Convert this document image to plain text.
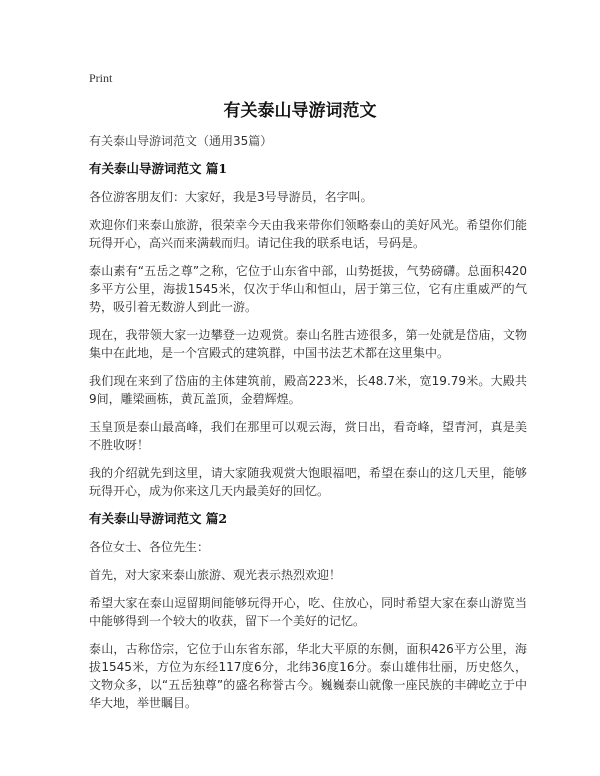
Print
有关泰山导游词范文

有关泰山导游词范文（通用35篇）

有关泰山导游词范文 篇1

各位游客朋友们：大家好，我是3号导游员，名字叫。

欢迎你们来泰山旅游，很荣幸今天由我来带你们领略泰山的美好风光。希望你们能玩得开心，高兴而来满载而归。请记住我的联系电话，号码是。

泰山素有“五岳之尊”之称，它位于山东省中部，山势挺拔，气势磅礴。总面积420多平方公里，海拔1545米，仅次于华山和恒山，居于第三位，它有庄重威严的气势，吸引着无数游人到此一游。

现在，我带领大家一边攀登一边观赏。泰山名胜古迹很多，第一处就是岱庙，文物集中在此地，是一个宫殿式的建筑群，中国书法艺术都在这里集中。

我们现在来到了岱庙的主体建筑前，殿高223米，长48.7米，宽19.79米。大殿共9间，雕梁画栋，黄瓦盖顶，金碧辉煌。

玉皇顶是泰山最高峰，我们在那里可以观云海，赏日出，看奇峰，望青河，真是美不胜收呀！

我的介绍就先到这里，请大家随我观赏大饱眼福吧，希望在泰山的这几天里，能够玩得开心，成为你来这几天内最美好的回忆。

有关泰山导游词范文 篇2

各位女士、各位先生：

首先，对大家来泰山旅游、观光表示热烈欢迎！

希望大家在泰山逗留期间能够玩得开心，吃、住放心，同时希望大家在泰山游览当中能够得到一个较大的收获，留下一个美好的记忆。

泰山，古称岱宗，它位于山东省东部，华北大平原的东侧，面积426平方公里，海拔1545米，方位为东经117度6分，北纬36度16分。泰山雄伟壮丽，历史悠久，文物众多，以“五岳独尊”的盛名称誉古今。巍巍泰山就像一座民族的丰碑屹立于中华大地，举世瞩目。
